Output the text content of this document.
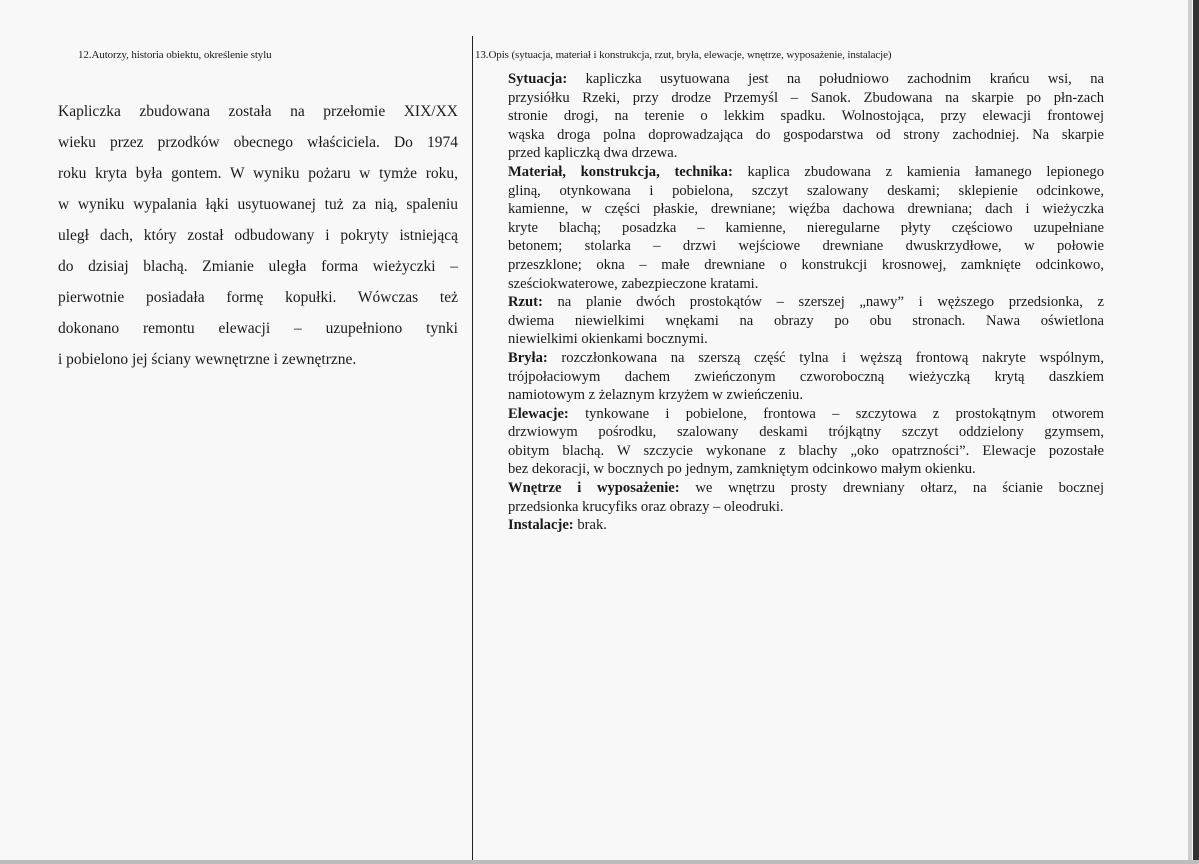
12.Autorzy, historia obiektu, określenie stylu	13.Opis (sytuacja, materiał i konstrukcja, rzut, bryła, elewacje, wnętrze, wyposażenie, instalacje)
Kapliczka zbudowana została na przełomie XIX/XX
wieku przez przodków obecnego właściciela. Do 1974
roku kryta była gontem. W wyniku pożaru w tymże roku,
w wyniku wypalania łąki usytuowanej tuż za nią, spaleniu
uległ dach, który został odbudowany i pokryty istniejącą
do dzisiaj blachą. Zmianie uległa forma wieżyczki –
pierwotnie posiadała formę kopułki. Wówczas też
dokonano remontu elewacji – uzupełniono tynki
i pobielono jej ściany wewnętrzne i zewnętrzne.
Sytuacja: kapliczka usytuowana jest na południowo zachodnim krańcu wsi, na
przysiółku Rzeki, przy drodze Przemyśl – Sanok. Zbudowana na skarpie po płn-zach
stronie drogi, na terenie o lekkim spadku. Wolnostojąca, przy elewacji frontowej
wąska droga polna doprowadzająca do gospodarstwa od strony zachodniej. Na skarpie
przed kapliczką dwa drzewa.
Materiał, konstrukcja, technika: kaplica zbudowana z kamienia łamanego lepionego
gliną, otynkowana i pobielona, szczyt szalowany deskami; sklepienie odcinkowe,
kamienne, w części płaskie, drewniane; więźba dachowa drewniana; dach i wieżyczka
kryte blachą; posadzka – kamienne, nieregularne płyty częściowo uzupełniane
betonem; stolarka – drzwi wejściowe drewniane dwuskrzydłowe, w połowie
przeszklone; okna – małe drewniane o konstrukcji krosnowej, zamknięte odcinkowo,
sześciokwaterowe, zabezpieczone kratami.
Rzut: na planie dwóch prostokątów – szerszej „nawy” i węższego przedsionka, z
dwiema niewielkimi wnękami na obrazy po obu stronach. Nawa oświetlona
niewielkimi okienkami bocznymi.
Bryła: rozczłonkowana na szerszą część tylna i węższą frontową nakryte wspólnym,
trójpołaciowym dachem zwieńczonym czworoboczną wieżyczką krytą daszkiem
namiotowym z żelaznym krzyżem w zwieńczeniu.
Elewacje: tynkowane i pobielone, frontowa – szczytowa z prostokątnym otworem
drzwiowym pośrodku, szalowany deskami trójkątny szczyt oddzielony gzymsem,
obitym blachą. W szczycie wykonane z blachy „oko opatrzności”. Elewacje pozostałe
bez dekoracji, w bocznych po jednym, zamkniętym odcinkowo małym okienku.
Wnętrze i wyposażenie: we wnętrzu prosty drewniany ołtarz, na ścianie bocznej
przedsionka krucyfiks oraz obrazy – oleodruki.
Instalacje: brak.
